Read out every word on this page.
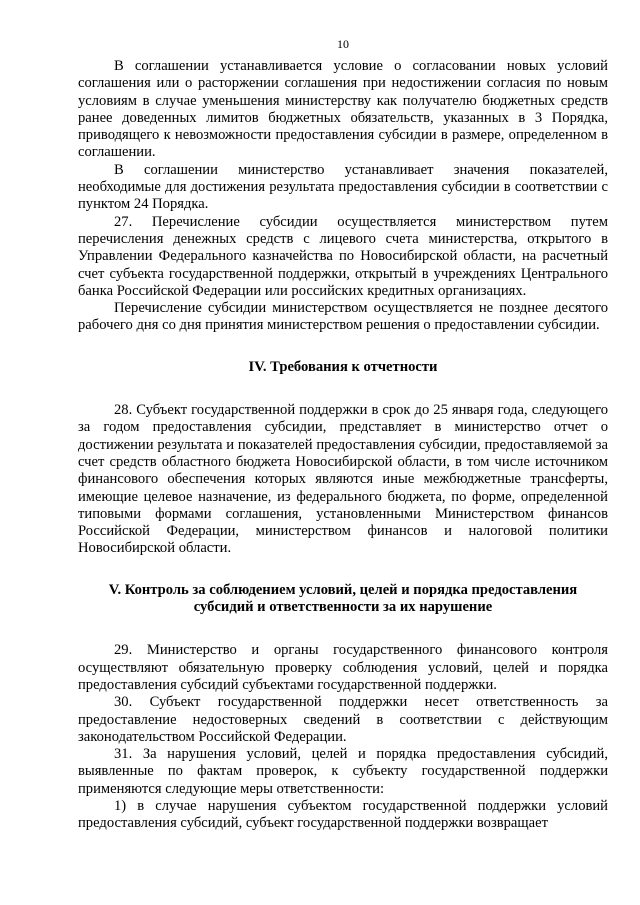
10

В соглашении устанавливается условие о согласовании новых условий соглашения или о расторжении соглашения при недостижении согласия по новым условиям в случае уменьшения министерству как получателю бюджетных средств ранее доведенных лимитов бюджетных обязательств, указанных в 3 Порядка, приводящего к невозможности предоставления субсидии в размере, определенном в соглашении.

В соглашении министерство устанавливает значения показателей, необходимые для достижения результата предоставления субсидии в соответствии с пунктом 24 Порядка.

27. Перечисление субсидии осуществляется министерством путем перечисления денежных средств с лицевого счета министерства, открытого в Управлении Федерального казначейства по Новосибирской области, на расчетный счет субъекта государственной поддержки, открытый в учреждениях Центрального банка Российской Федерации или российских кредитных организациях.

Перечисление субсидии министерством осуществляется не позднее десятого рабочего дня со дня принятия министерством решения о предоставлении субсидии.

IV. Требования к отчетности

28. Субъект государственной поддержки в срок до 25 января года, следующего за годом предоставления субсидии, представляет в министерство отчет о достижении результата и показателей предоставления субсидии, предоставляемой за счет средств областного бюджета Новосибирской области, в том числе источником финансового обеспечения которых являются иные межбюджетные трансферты, имеющие целевое назначение, из федерального бюджета, по форме, определенной типовыми формами соглашения, установленными Министерством финансов Российской Федерации, министерством финансов и налоговой политики Новосибирской области.

V. Контроль за соблюдением условий, целей и порядка предоставления
субсидий и ответственности за их нарушение

29. Министерство и органы государственного финансового контроля осуществляют обязательную проверку соблюдения условий, целей и порядка предоставления субсидий субъектами государственной поддержки.

30. Субъект государственной поддержки несет ответственность за предоставление недостоверных сведений в соответствии с действующим законодательством Российской Федерации.

31. За нарушения условий, целей и порядка предоставления субсидий, выявленные по фактам проверок, к субъекту государственной поддержки применяются следующие меры ответственности:

1) в случае нарушения субъектом государственной поддержки условий предоставления субсидий, субъект государственной поддержки возвращает
